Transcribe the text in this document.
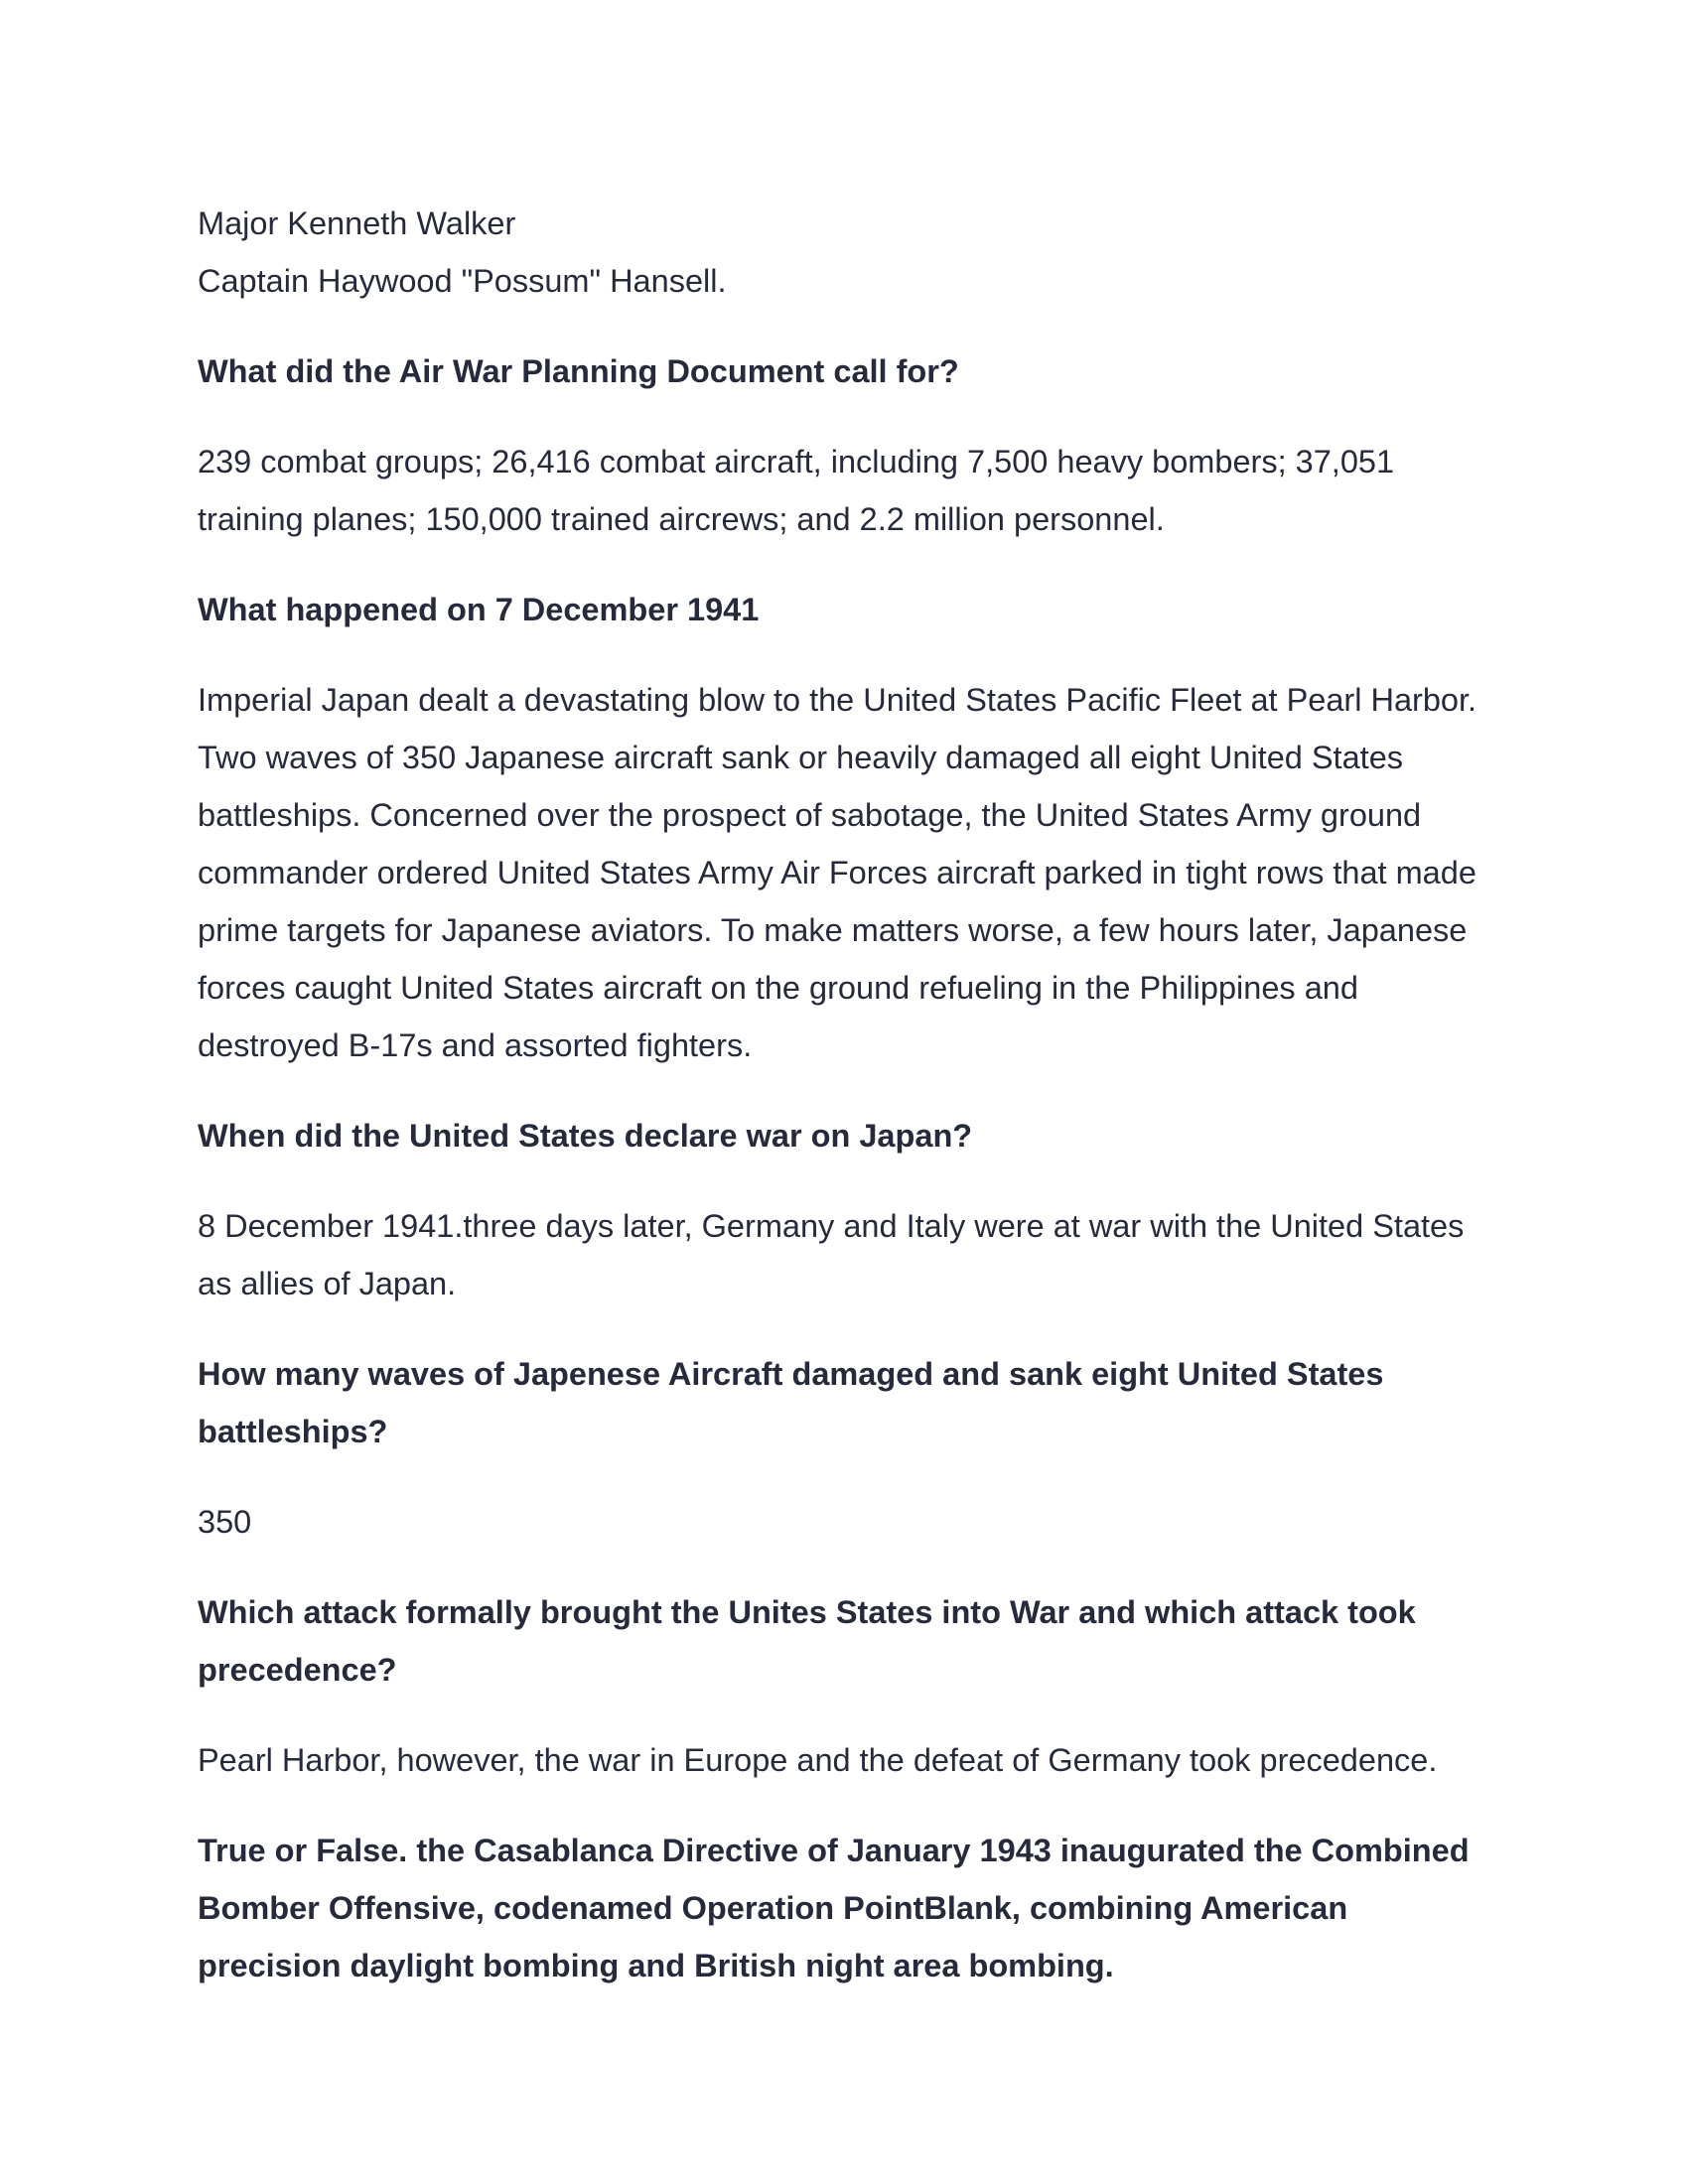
Major Kenneth Walker

Captain Haywood "Possum" Hansell.

What did the Air War Planning Document call for?

239 combat groups; 26,416 combat aircraft, including 7,500 heavy bombers; 37,051 training planes; 150,000 trained aircrews; and 2.2 million personnel.

What happened on 7 December 1941

Imperial Japan dealt a devastating blow to the United States Pacific Fleet at Pearl Harbor. Two waves of 350 Japanese aircraft sank or heavily damaged all eight United States battleships. Concerned over the prospect of sabotage, the United States Army ground commander ordered United States Army Air Forces aircraft parked in tight rows that made prime targets for Japanese aviators. To make matters worse, a few hours later, Japanese forces caught United States aircraft on the ground refueling in the Philippines and destroyed B-17s and assorted fighters.

When did the United States declare war on Japan?

8 December 1941.three days later, Germany and Italy were at war with the United States as allies of Japan.

How many waves of Japenese Aircraft damaged and sank eight United States battleships?

350

Which attack formally brought the Unites States into War and which attack took precedence?

Pearl Harbor, however, the war in Europe and the defeat of Germany took precedence.

True or False. the Casablanca Directive of January 1943 inaugurated the Combined Bomber Offensive, codenamed Operation PointBlank, combining American precision daylight bombing and British night area bombing.
